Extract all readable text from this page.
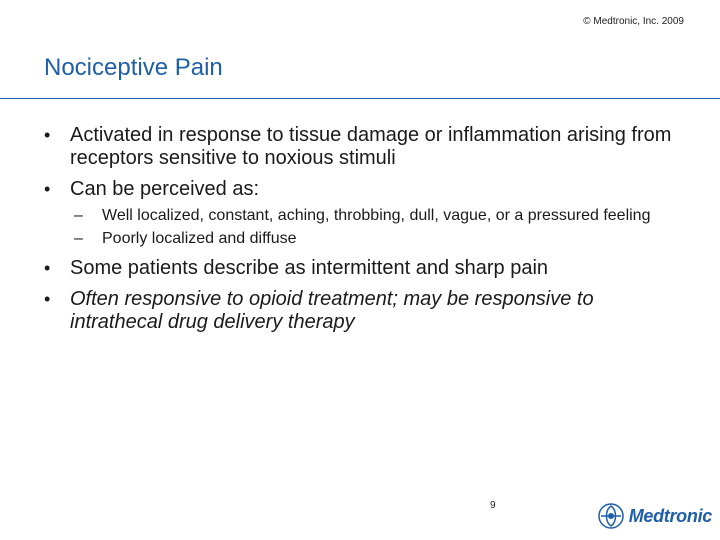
© Medtronic, Inc. 2009
Nociceptive Pain
• Activated in response to tissue damage or inflammation arising from receptors sensitive to noxious stimuli
• Can be perceived as:
– Well localized, constant, aching, throbbing, dull, vague, or a pressured feeling
– Poorly localized and diffuse
• Some patients describe as intermittent and sharp pain
• Often responsive to opioid treatment; may be responsive to intrathecal drug delivery therapy
9	Medtronic
